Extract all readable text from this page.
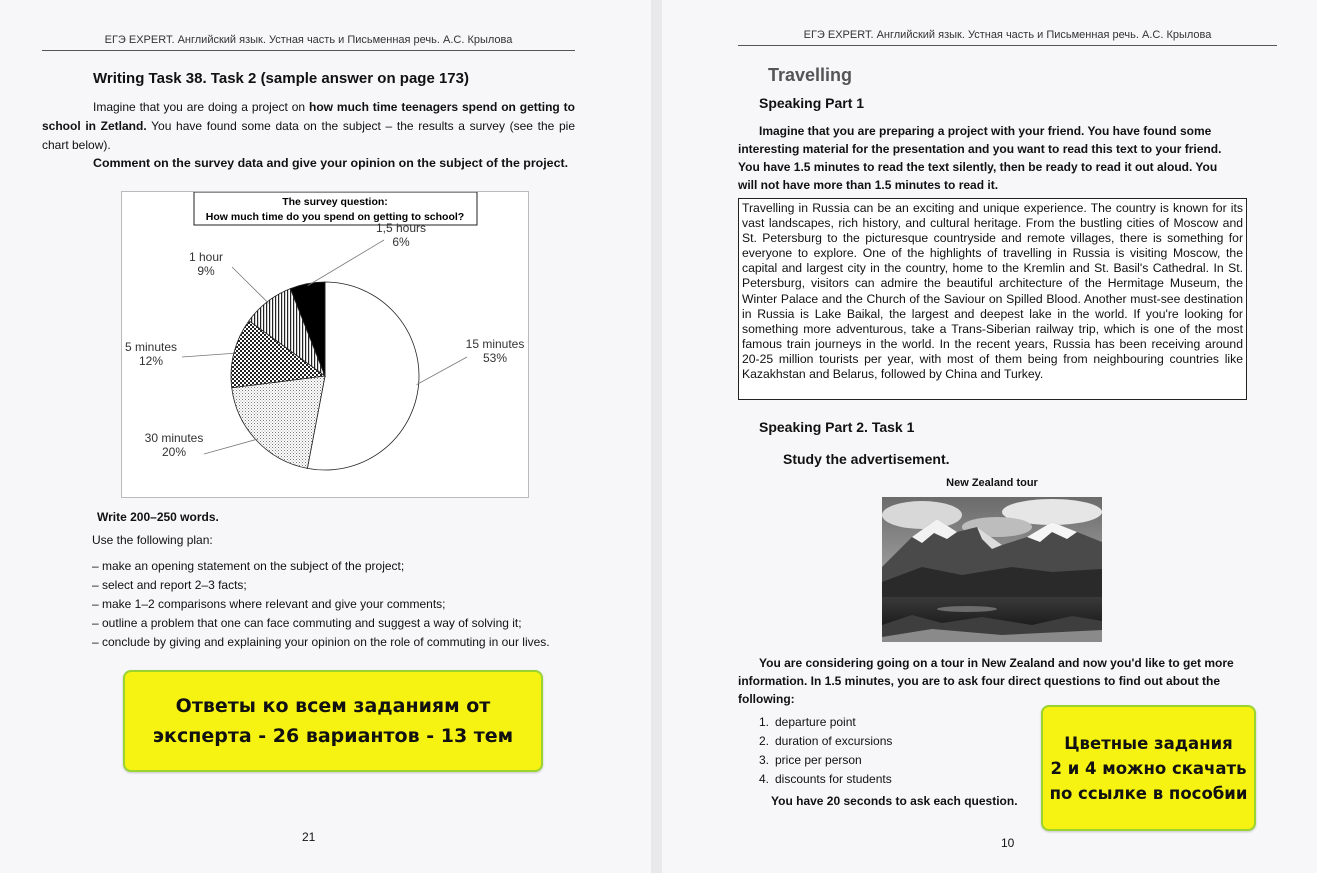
ЕГЭ EXPERT. Английский язык. Устная часть и Письменная речь. А.С. Крылова
Writing Task 38. Task 2 (sample answer on page 173)
Imagine that you are doing a project on how much time teenagers spend on getting to school in Zetland. You have found some data on the subject – the results a survey (see the pie chart below).
Comment on the survey data and give your opinion on the subject of the project.
The survey question:
How much time do you spend on getting to school?
15 minutes
53%
30 minutes
20%
5 minutes
12%
1 hour
9%
1,5 hours
6%
Write 200–250 words.
Use the following plan:
– make an opening statement on the subject of the project;
– select and report 2–3 facts;
– make 1–2 comparisons where relevant and give your comments;
– outline a problem that one can face commuting and suggest a way of solving it;
– conclude by giving and explaining your opinion on the role of commuting in our lives.
Ответы ко всем заданиям от
эксперта - 26 вариантов - 13 тем
21
ЕГЭ EXPERT. Английский язык. Устная часть и Письменная речь. А.С. Крылова
Travelling
Speaking Part 1
Imagine that you are preparing a project with your friend. You have found some interesting material for the presentation and you want to read this text to your friend. You have 1.5 minutes to read the text silently, then be ready to read it out aloud. You will not have more than 1.5 minutes to read it.
Travelling in Russia can be an exciting and unique experience. The country is known for its vast landscapes, rich history, and cultural heritage. From the bustling cities of Moscow and St. Petersburg to the picturesque countryside and remote villages, there is something for everyone to explore. One of the highlights of travelling in Russia is visiting Moscow, the capital and largest city in the country, home to the Kremlin and St. Basil's Cathedral. In St. Petersburg, visitors can admire the beautiful architecture of the Hermitage Museum, the Winter Palace and the Church of the Saviour on Spilled Blood. Another must-see destination in Russia is Lake Baikal, the largest and deepest lake in the world. If you're looking for something more adventurous, take a Trans-Siberian railway trip, which is one of the most famous train journeys in the world. In the recent years, Russia has been receiving around 20-25 million tourists per year, with most of them being from neighbouring countries like Kazakhstan and Belarus, followed by China and Turkey.
Speaking Part 2. Task 1
Study the advertisement.
New Zealand tour
You are considering going on a tour in New Zealand and now you'd like to get more information. In 1.5 minutes, you are to ask four direct questions to find out about the following:
1. departure point
2. duration of excursions
3. price per person
4. discounts for students
You have 20 seconds to ask each question.
Цветные задания
2 и 4 можно скачать
по ссылке в пособии
10
